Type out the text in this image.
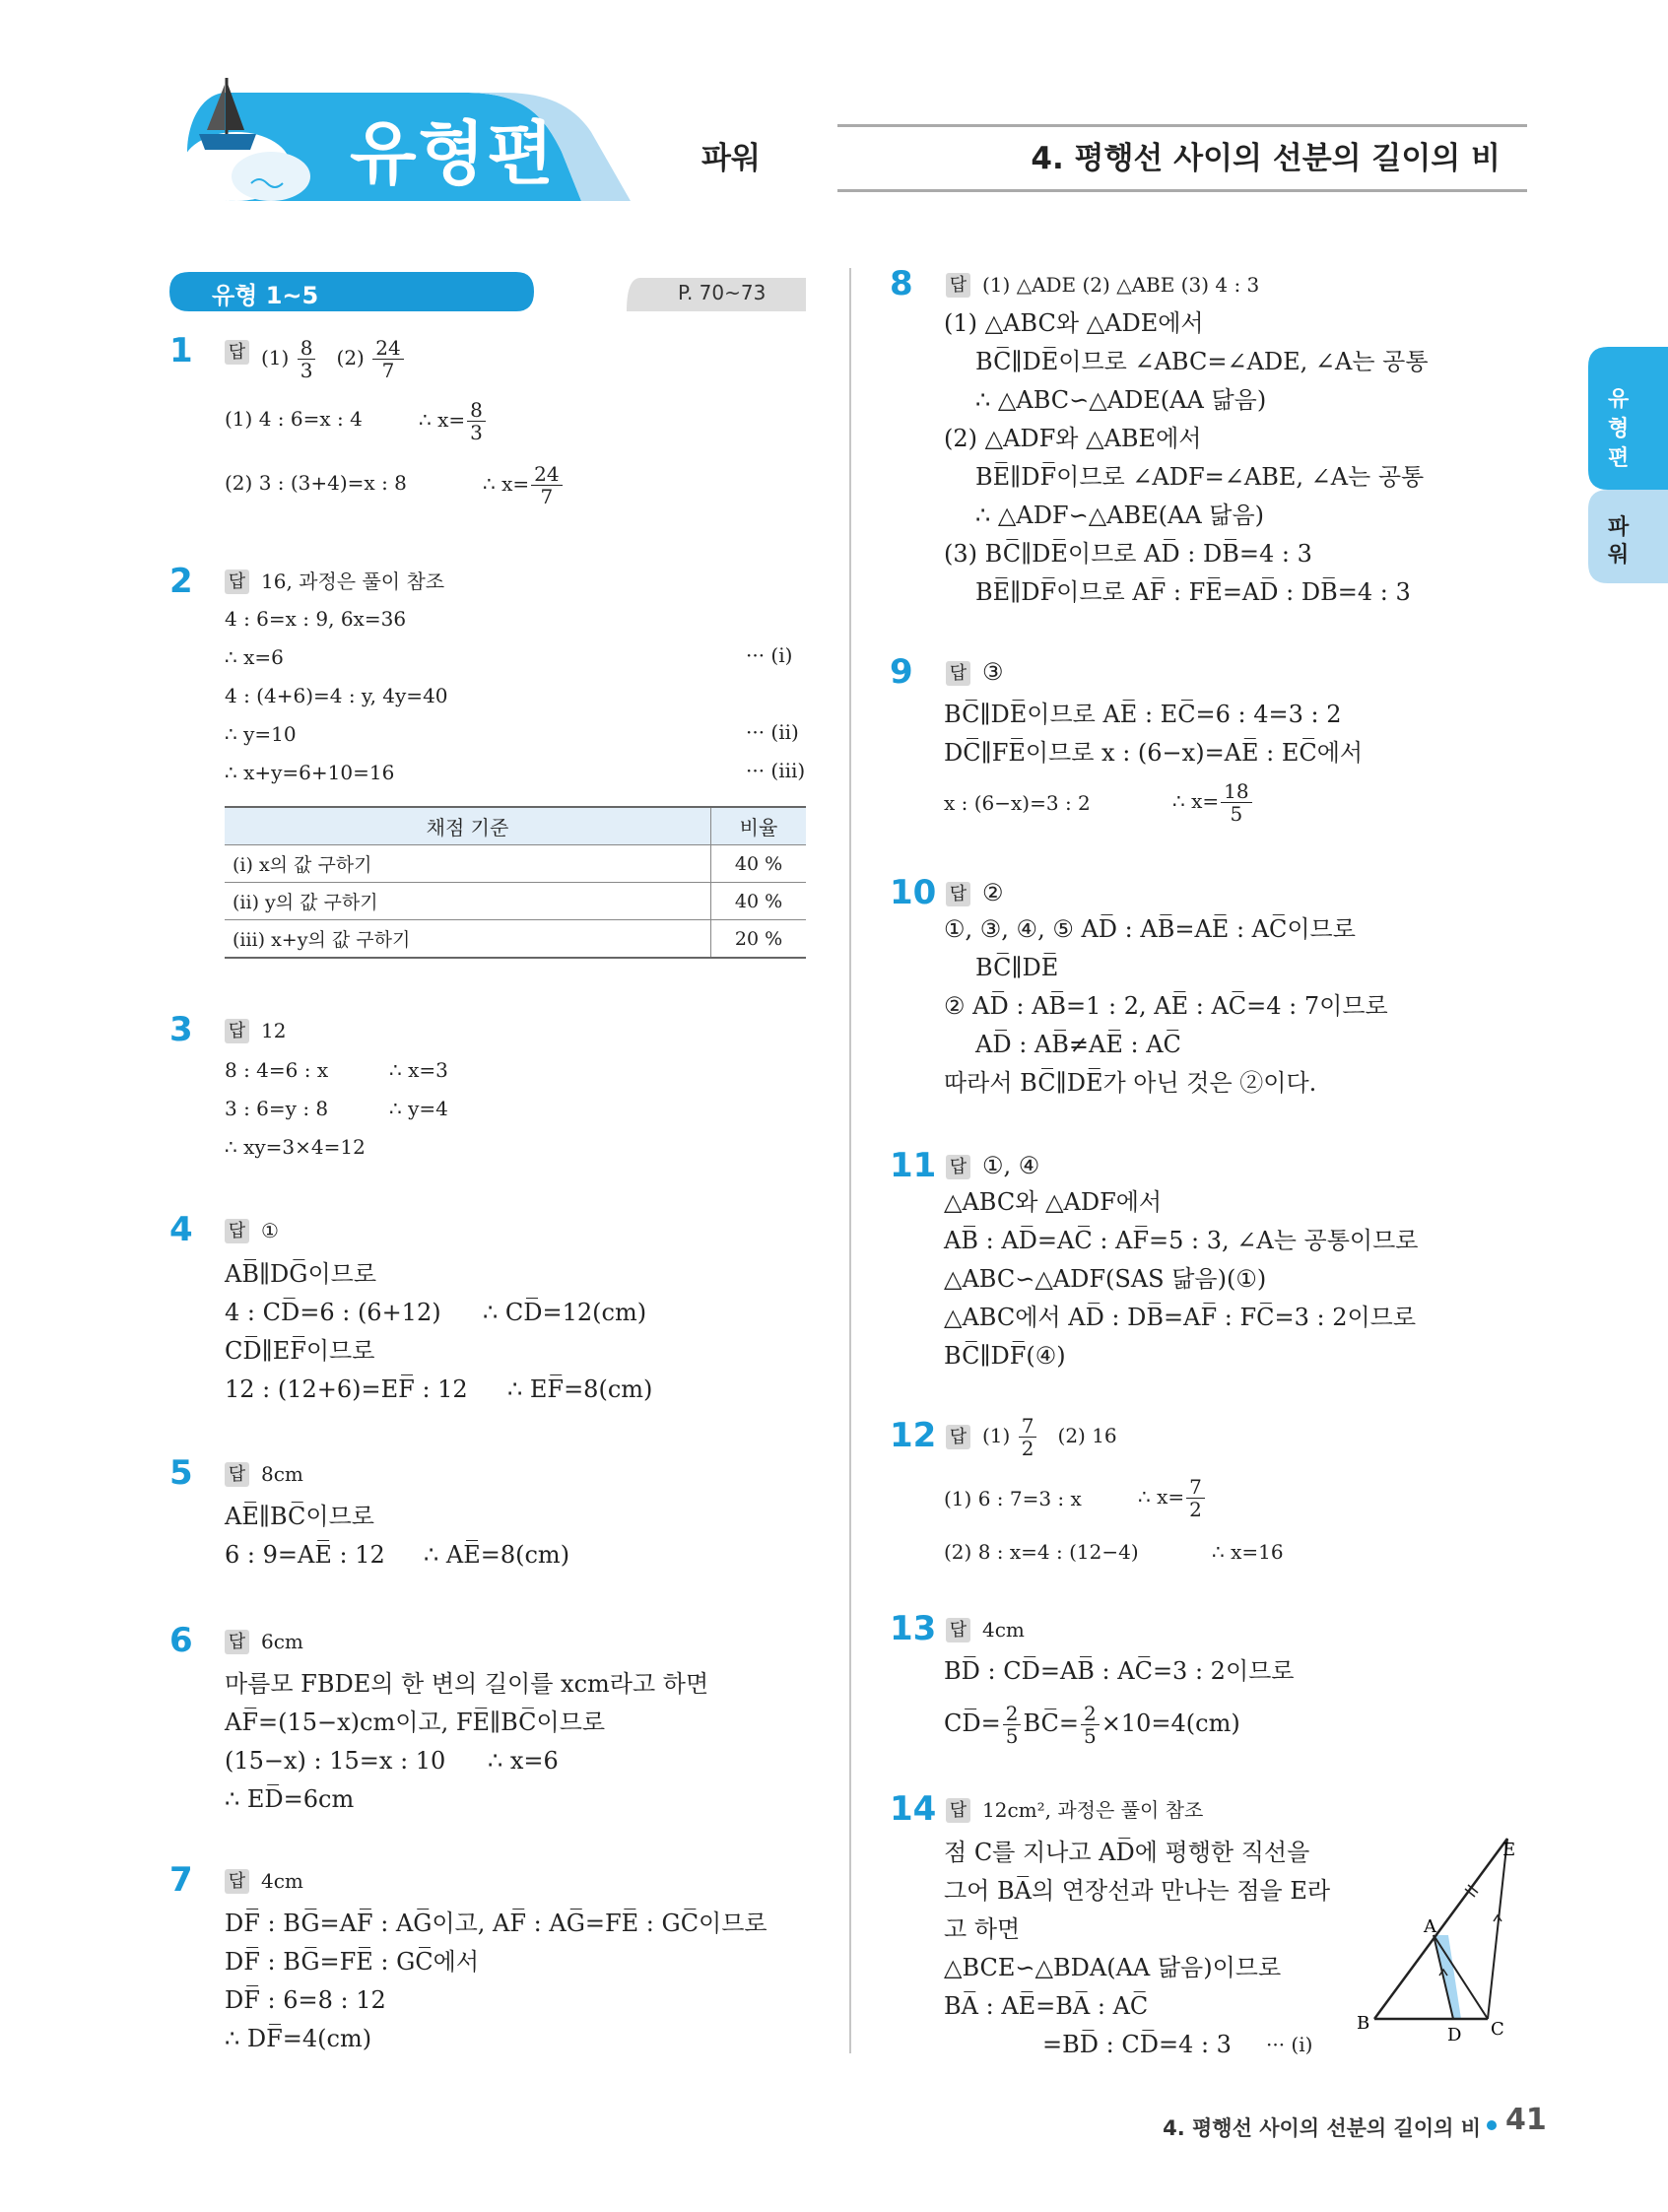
유형편	파워	4. 평행선 사이의 선분의 길이의 비
유
형
편
파
워
유형 1~5	P. 70~73
1 답 $(1) \frac{8}{3} (2) \frac{24}{7}$
(1) 4 : 6=x : 4	∴ $x= \frac{8}{3}$
(2) 3 : (3+4)=x : 8	∴ $x= \frac{24}{7}$
2 답 16, 과정은 풀이 참조
4 : 6=x : 9, 6x=36
∴ x=6	··· (ⅰ)
4 : (4+6)=4 : y, 4y=40
∴ y=10	··· (ⅱ)
∴ x+y=6+10=16	··· (ⅲ)
채점 기준	비율
(ⅰ) x의 값 구하기	40 %
(ⅱ) y의 값 구하기	40 %
(ⅲ) x+y의 값 구하기	20 %
3 답 12
8 : 4=6 : x	∴ x=3
3 : 6=y : 8	∴ y=4
∴ xy=3×4=12
4 답 ①
AB̅∥DG̅이므로
4 : CD̅=6 : (6+12) ∴ CD̅=12(cm)
CD̅∥EF̅이므로
12 : (12+6)=EF̅ : 12 ∴ EF̅=8(cm)
5 답 8cm
AE̅∥BC̅이므로
6 : 9=AE̅ : 12 ∴ AE̅=8(cm)
6 답 6cm
마름모 FBDE의 한 변의 길이를 xcm라고 하면
AF̅=(15−x)cm이고, FE̅∥BC̅이므로
(15−x) : 15=x : 10 ∴ x=6
∴ ED̅=6cm
7 답 4cm
DF̅ : BG̅=AF̅ : AG̅이고, AF̅ : AG̅=FE̅ : GC̅이므로
DF̅ : BG̅=FE̅ : GC̅에서
DF̅ : 6=8 : 12
∴ DF̅=4(cm)
8 답 (1) △ADE (2) △ABE (3) 4 : 3
(1) △ABC와 △ADE에서
BC̅∥DE̅이므로 ∠ABC=∠ADE, ∠A는 공통
∴ △ABC∽△ADE(AA 닮음)
(2) △ADF와 △ABE에서
BE̅∥DF̅이므로 ∠ADF=∠ABE, ∠A는 공통
∴ △ADF∽△ABE(AA 닮음)
(3) BC̅∥DE̅이므로 AD̅ : DB̅=4 : 3
BE̅∥DF̅이므로 AF̅ : FE̅=AD̅ : DB̅=4 : 3
9 답 ③
BC̅∥DE̅이므로 AE̅ : EC̅=6 : 4=3 : 2
DC̅∥FE̅이므로 x : (6−x)=AE̅ : EC̅에서
x : (6−x)=3 : 2	∴ $x= \frac{18}{5}$
10 답 ②
①, ③, ④, ⑤ AD̅ : AB̅=AE̅ : AC̅이므로
BC̅∥DE̅
② AD̅ : AB̅=1 : 2, AE̅ : AC̅=4 : 7이므로
AD̅ : AB̅≠AE̅ : AC̅
따라서 BC̅∥DE̅가 아닌 것은 ②이다.
11 답 ①, ④
△ABC와 △ADF에서
AB̅ : AD̅=AC̅ : AF̅=5 : 3, ∠A는 공통이므로
△ABC∽△ADF(SAS 닮음)(①)
△ABC에서 AD̅ : DB̅=AF̅ : FC̅=3 : 2이므로
BC̅∥DF̅(④)
12 답 $(1) \frac{7}{2} (2)$ 16
(1) 6 : 7=3 : x	∴ $x= \frac{7}{2}$
(2) 8 : x=4 : (12−4)	∴ x=16
13 답 4cm
BD̅ : CD̅=AB̅ : AC̅=3 : 2이므로
CD̅= $\frac{2}{5}$ BC̅= $\frac{2}{5} \times 10=4(cm)$
14 답 12cm², 과정은 풀이 참조
점 C를 지나고 AD̅에 평행한 직선을
그어 BA̅의 연장선과 만나는 점을 E라
고 하면
△BCE∽△BDA(AA 닮음)이므로
BA̅ : AE̅=BA̅ : AC̅
=BD̅ : CD̅=4 : 3 ··· (ⅰ)
A
B	C
D
E
4. 평행선 사이의 선분의 길이의 비 41
